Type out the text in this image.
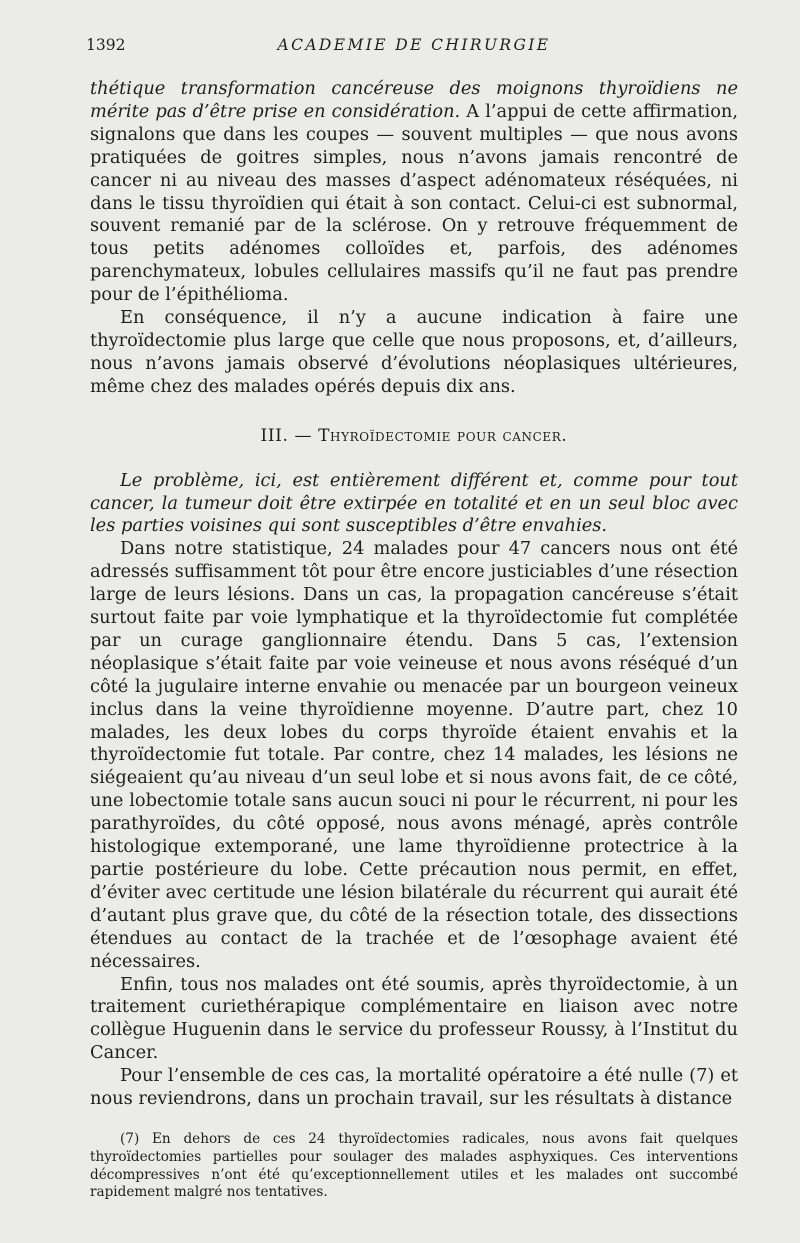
1392	ACADEMIE DE CHIRURGIE

thétique transformation cancéreuse des moignons thyroïdiens ne mérite pas d’être prise en considération. A l’appui de cette affirmation, signalons que dans les coupes — souvent multiples — que nous avons pratiquées de goitres simples, nous n’avons jamais rencontré de cancer ni au niveau des masses d’aspect adénomateux réséquées, ni dans le tissu thyroïdien qui était à son contact. Celui-ci est subnormal, souvent remanié par de la sclérose. On y retrouve fréquemment de tous petits adénomes colloïdes et, parfois, des adénomes parenchymateux, lobules cellulaires massifs qu’il ne faut pas prendre pour de l’épithélioma.

En conséquence, il n’y a aucune indication à faire une thyroïdectomie plus large que celle que nous proposons, et, d’ailleurs, nous n’avons jamais observé d’évolutions néoplasiques ultérieures, même chez des malades opérés depuis dix ans.

III. — Thyroïdectomie pour cancer.

Le problème, ici, est entièrement différent et, comme pour tout cancer, la tumeur doit être extirpée en totalité et en un seul bloc avec les parties voisines qui sont susceptibles d’être envahies.

Dans notre statistique, 24 malades pour 47 cancers nous ont été adressés suffisamment tôt pour être encore justiciables d’une résection large de leurs lésions. Dans un cas, la propagation cancéreuse s’était surtout faite par voie lymphatique et la thyroïdectomie fut complétée par un curage ganglionnaire étendu. Dans 5 cas, l’extension néoplasique s’était faite par voie veineuse et nous avons réséqué d’un côté la jugulaire interne envahie ou menacée par un bourgeon veineux inclus dans la veine thyroïdienne moyenne. D’autre part, chez 10 malades, les deux lobes du corps thyroïde étaient envahis et la thyroïdectomie fut totale. Par contre, chez 14 malades, les lésions ne siégeaient qu’au niveau d’un seul lobe et si nous avons fait, de ce côté, une lobectomie totale sans aucun souci ni pour le récurrent, ni pour les parathyroïdes, du côté opposé, nous avons ménagé, après contrôle histologique extemporané, une lame thyroïdienne protectrice à la partie postérieure du lobe. Cette précaution nous permit, en effet, d’éviter avec certitude une lésion bilatérale du récurrent qui aurait été d’autant plus grave que, du côté de la résection totale, des dissections étendues au contact de la trachée et de l’œsophage avaient été nécessaires.

Enfin, tous nos malades ont été soumis, après thyroïdectomie, à un traitement curiethérapique complémentaire en liaison avec notre collègue Huguenin dans le service du professeur Roussy, à l’Institut du Cancer.

Pour l’ensemble de ces cas, la mortalité opératoire a été nulle (7) et nous reviendrons, dans un prochain travail, sur les résultats à distance

(7) En dehors de ces 24 thyroïdectomies radicales, nous avons fait quelques thyroïdectomies partielles pour soulager des malades asphyxiques. Ces interventions décompressives n’ont été qu’exceptionnellement utiles et les malades ont succombé rapidement malgré nos tentatives.
